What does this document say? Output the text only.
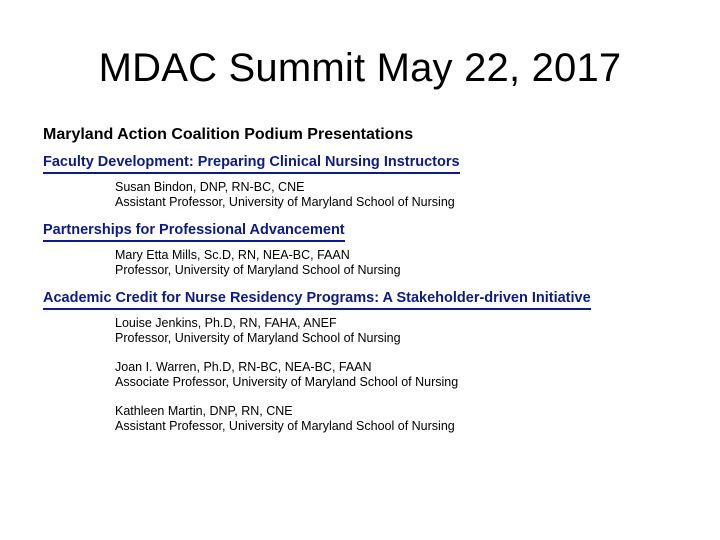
MDAC Summit May 22, 2017
Maryland Action Coalition Podium Presentations
Faculty Development: Preparing Clinical Nursing Instructors
Susan Bindon, DNP, RN-BC, CNE
Assistant Professor, University of Maryland School of Nursing
Partnerships for Professional Advancement
Mary Etta Mills, Sc.D, RN, NEA-BC, FAAN
Professor, University of Maryland School of Nursing
Academic Credit for Nurse Residency Programs: A Stakeholder-driven Initiative
Louise Jenkins, Ph.D, RN, FAHA, ANEF
Professor, University of Maryland School of Nursing
Joan I. Warren, Ph.D, RN-BC, NEA-BC, FAAN
Associate Professor, University of Maryland School of Nursing
Kathleen Martin, DNP, RN, CNE
Assistant Professor, University of Maryland School of Nursing
